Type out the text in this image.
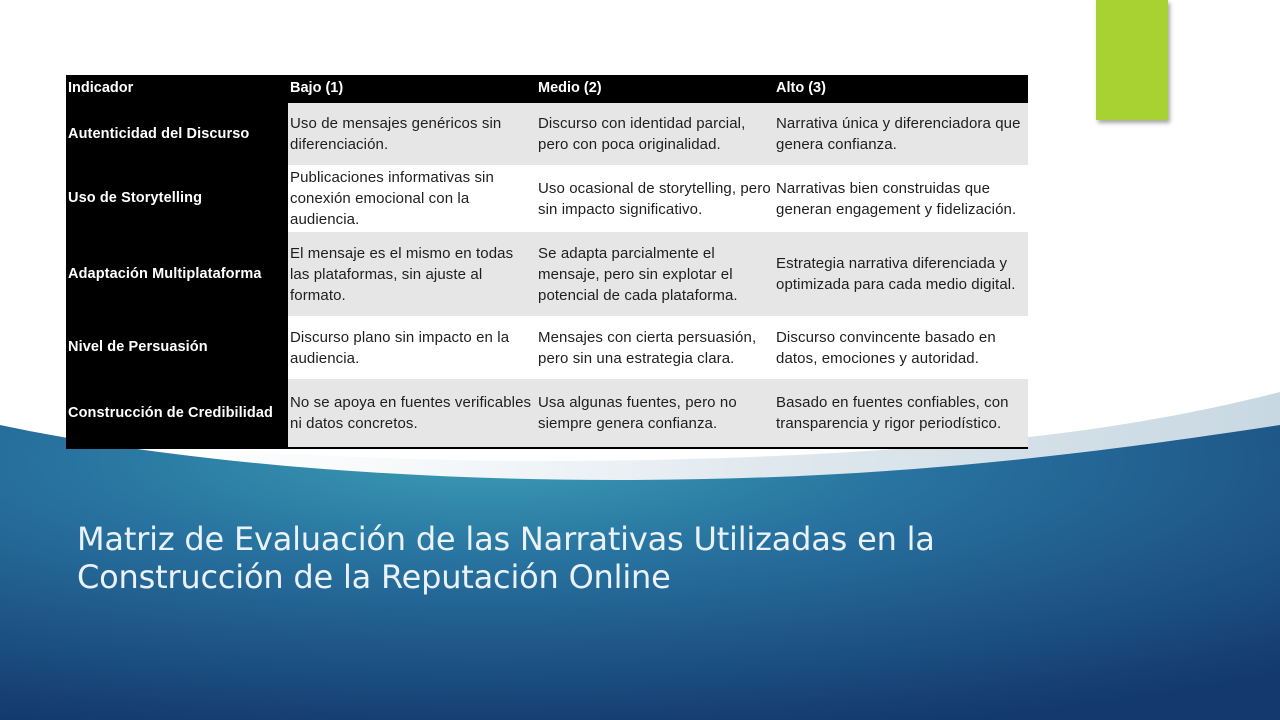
Indicador	Bajo (1)	Medio (2)	Alto (3)
Autenticidad del Discurso	Uso de mensajes genéricos sin diferenciación.	Discurso con identidad parcial, pero con poca originalidad.	Narrativa única y diferenciadora que genera confianza.
Uso de Storytelling	Publicaciones informativas sin conexión emocional con la audiencia.	Uso ocasional de storytelling, pero sin impacto significativo.	Narrativas bien construidas que generan engagement y fidelización.
Adaptación Multiplataforma	El mensaje es el mismo en todas las plataformas, sin ajuste al formato.	Se adapta parcialmente el mensaje, pero sin explotar el potencial de cada plataforma.	Estrategia narrativa diferenciada y optimizada para cada medio digital.
Nivel de Persuasión	Discurso plano sin impacto en la audiencia.	Mensajes con cierta persuasión, pero sin una estrategia clara.	Discurso convincente basado en datos, emociones y autoridad.
Construcción de Credibilidad	No se apoya en fuentes verificables ni datos concretos.	Usa algunas fuentes, pero no siempre genera confianza.	Basado en fuentes confiables, con transparencia y rigor periodístico.
Matriz de Evaluación de las Narrativas Utilizadas en la Construcción de la Reputación Online
